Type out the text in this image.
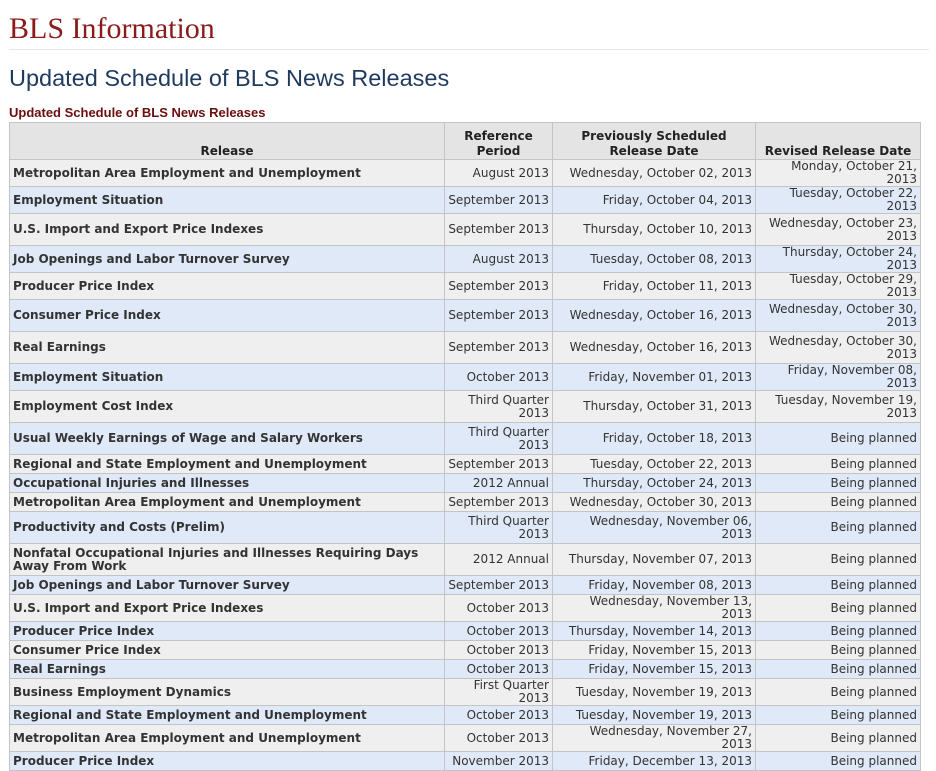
BLS Information
Updated Schedule of BLS News Releases
Updated Schedule of BLS News Releases
Release	Reference Period	Previously Scheduled Release Date	Revised Release Date
Metropolitan Area Employment and Unemployment	August 2013	Wednesday, October 02, 2013	Monday, October 21, 2013
Employment Situation	September 2013	Friday, October 04, 2013	Tuesday, October 22, 2013
U.S. Import and Export Price Indexes	September 2013	Thursday, October 10, 2013	Wednesday, October 23, 2013
Job Openings and Labor Turnover Survey	August 2013	Tuesday, October 08, 2013	Thursday, October 24, 2013
Producer Price Index	September 2013	Friday, October 11, 2013	Tuesday, October 29, 2013
Consumer Price Index	September 2013	Wednesday, October 16, 2013	Wednesday, October 30, 2013
Real Earnings	September 2013	Wednesday, October 16, 2013	Wednesday, October 30, 2013
Employment Situation	October 2013	Friday, November 01, 2013	Friday, November 08, 2013
Employment Cost Index	Third Quarter 2013	Thursday, October 31, 2013	Tuesday, November 19, 2013
Usual Weekly Earnings of Wage and Salary Workers	Third Quarter 2013	Friday, October 18, 2013	Being planned
Regional and State Employment and Unemployment	September 2013	Tuesday, October 22, 2013	Being planned
Occupational Injuries and Illnesses	2012 Annual	Thursday, October 24, 2013	Being planned
Metropolitan Area Employment and Unemployment	September 2013	Wednesday, October 30, 2013	Being planned
Productivity and Costs (Prelim)	Third Quarter 2013	Wednesday, November 06, 2013	Being planned
Nonfatal Occupational Injuries and Illnesses Requiring Days Away From Work	2012 Annual	Thursday, November 07, 2013	Being planned
Job Openings and Labor Turnover Survey	September 2013	Friday, November 08, 2013	Being planned
U.S. Import and Export Price Indexes	October 2013	Wednesday, November 13, 2013	Being planned
Producer Price Index	October 2013	Thursday, November 14, 2013	Being planned
Consumer Price Index	October 2013	Friday, November 15, 2013	Being planned
Real Earnings	October 2013	Friday, November 15, 2013	Being planned
Business Employment Dynamics	First Quarter 2013	Tuesday, November 19, 2013	Being planned
Regional and State Employment and Unemployment	October 2013	Tuesday, November 19, 2013	Being planned
Metropolitan Area Employment and Unemployment	October 2013	Wednesday, November 27, 2013	Being planned
Producer Price Index	November 2013	Friday, December 13, 2013	Being planned
